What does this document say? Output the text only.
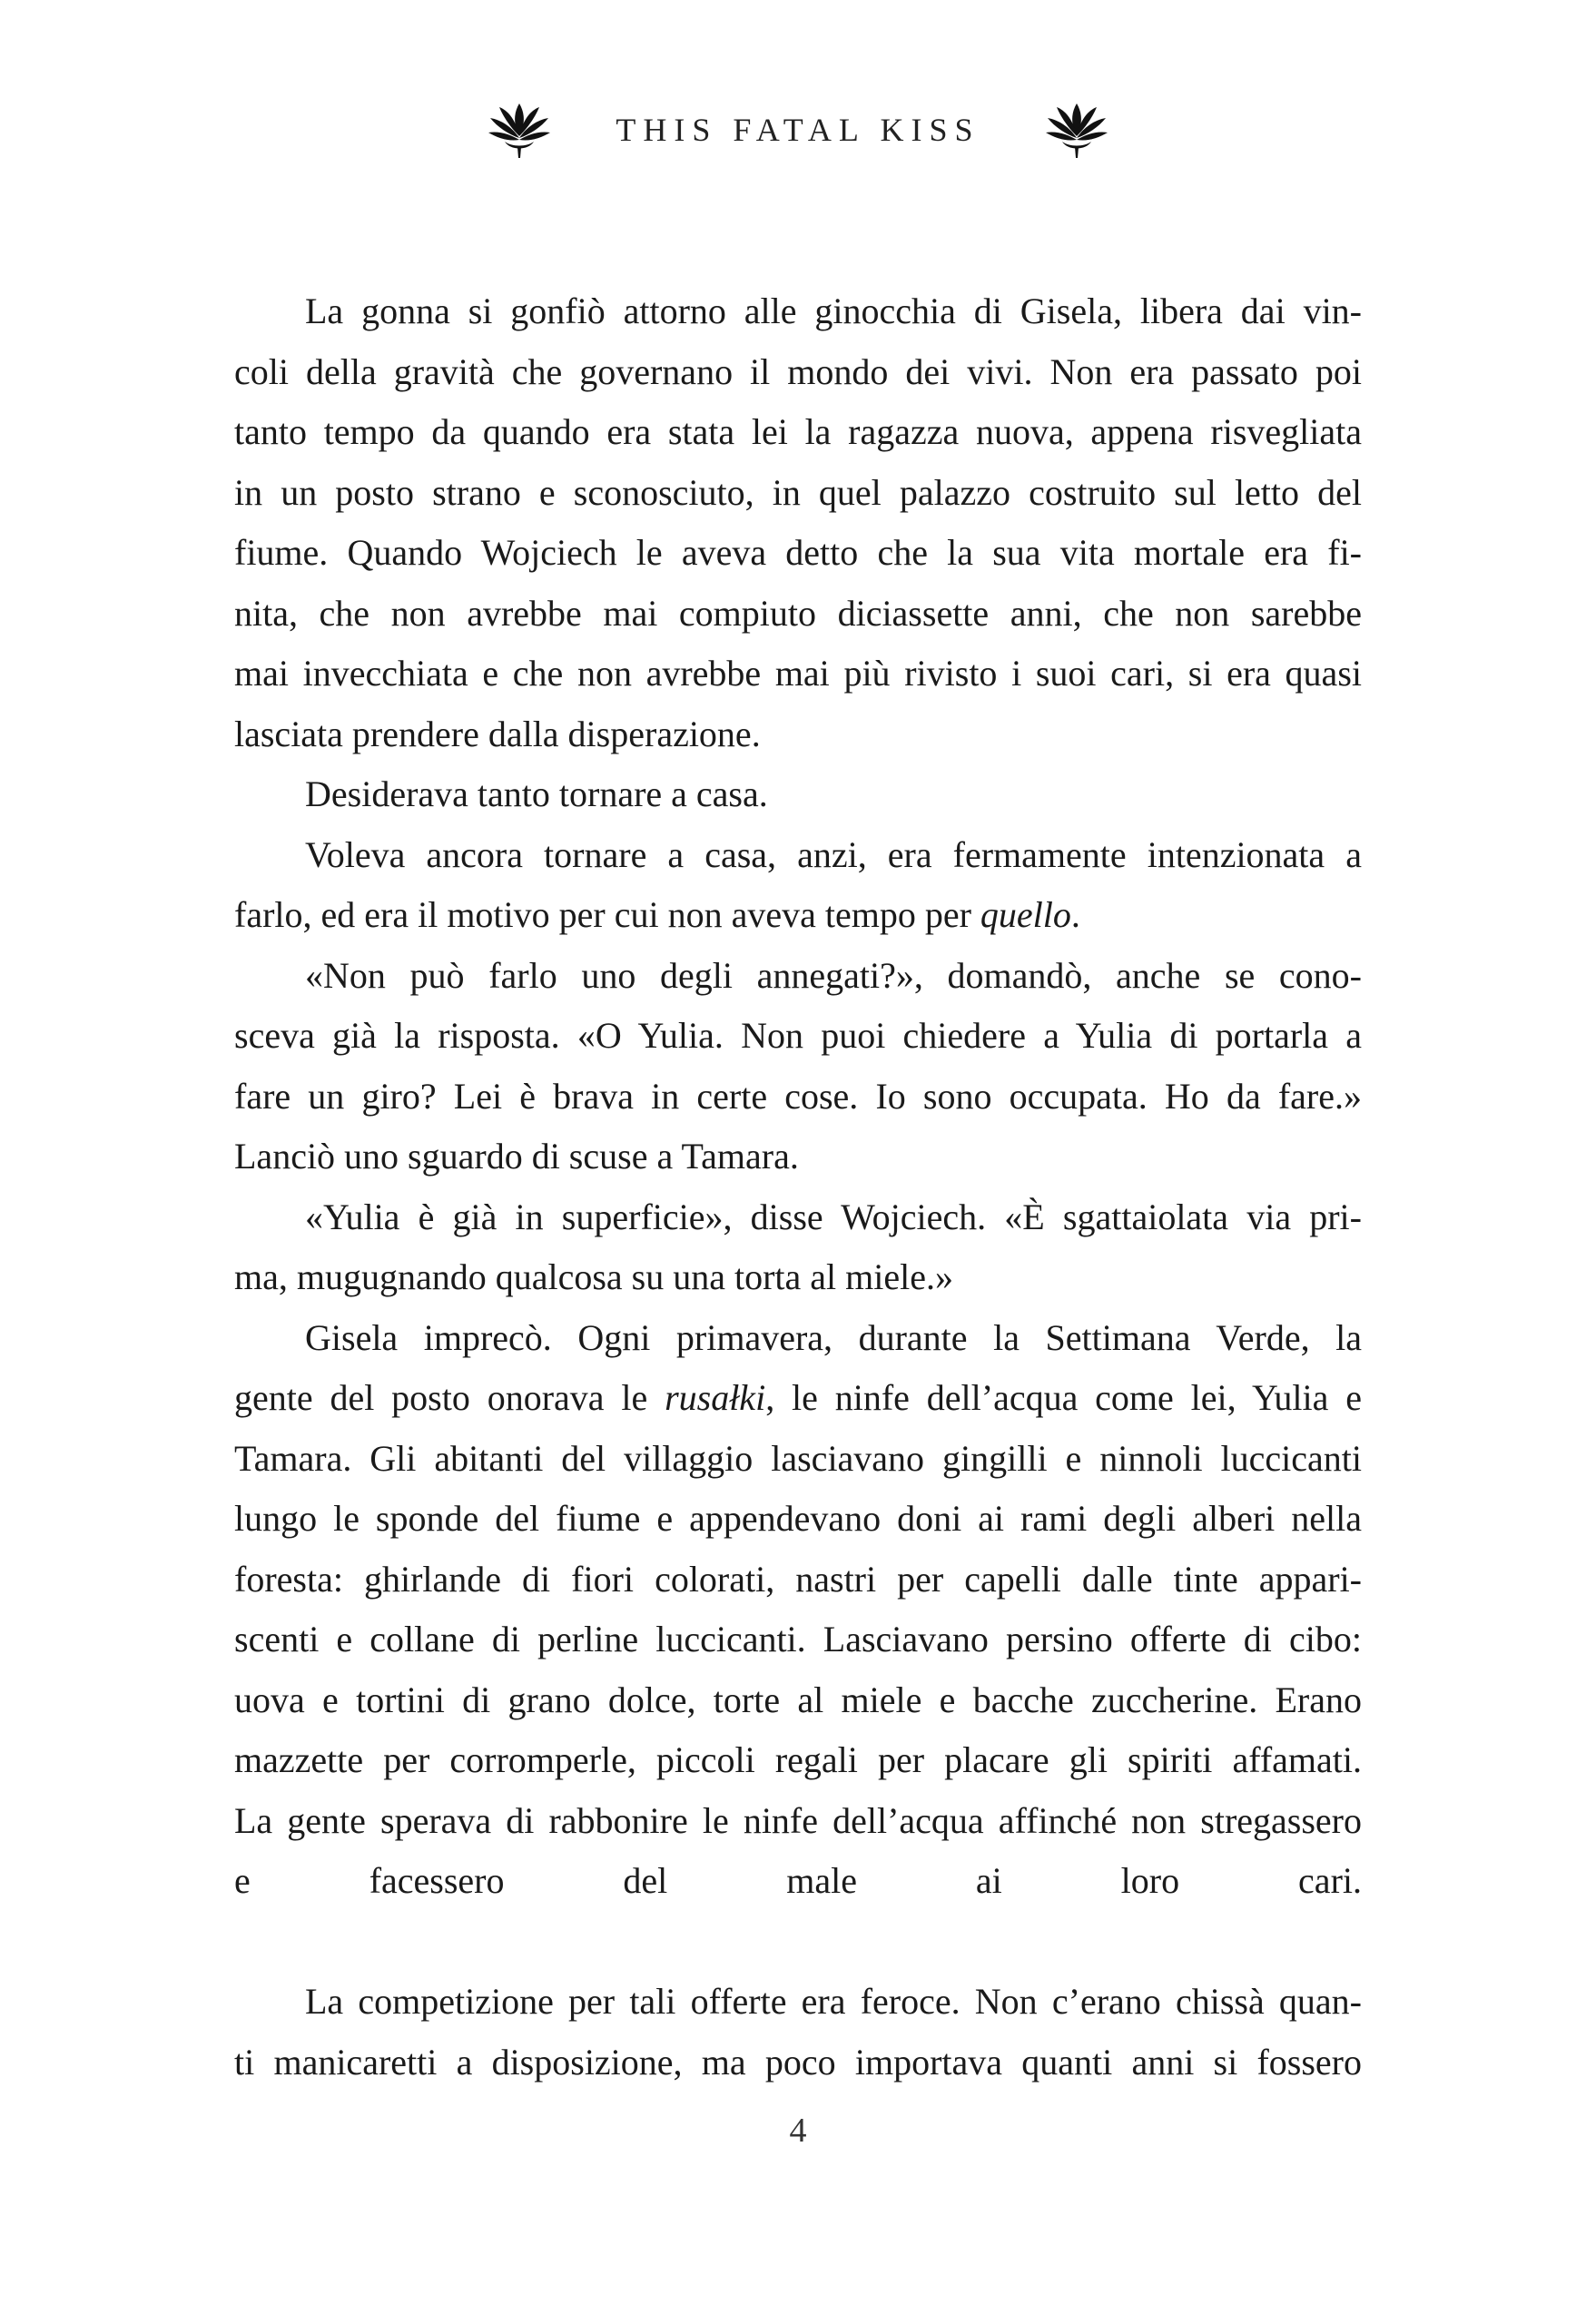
THIS FATAL KISS
La gonna si gonfiò attorno alle ginocchia di Gisela, libera dai vin-
coli della gravità che governano il mondo dei vivi. Non era passato poi
tanto tempo da quando era stata lei la ragazza nuova, appena risvegliata
in un posto strano e sconosciuto, in quel palazzo costruito sul letto del
fiume. Quando Wojciech le aveva detto che la sua vita mortale era fi-
nita, che non avrebbe mai compiuto diciassette anni, che non sarebbe
mai invecchiata e che non avrebbe mai più rivisto i suoi cari, si era quasi
lasciata prendere dalla disperazione.
Desiderava tanto tornare a casa.
Voleva ancora tornare a casa, anzi, era fermamente intenzionata a
farlo, ed era il motivo per cui non aveva tempo per quello.
«Non può farlo uno degli annegati?», domandò, anche se cono-
sceva già la risposta. «O Yulia. Non puoi chiedere a Yulia di portarla a
fare un giro? Lei è brava in certe cose. Io sono occupata. Ho da fare.»
Lanciò uno sguardo di scuse a Tamara.
«Yulia è già in superficie», disse Wojciech. «È sgattaiolata via pri-
ma, mugugnando qualcosa su una torta al miele.»
Gisela imprecò. Ogni primavera, durante la Settimana Verde, la
gente del posto onorava le rusałki, le ninfe dell’acqua come lei, Yulia e
Tamara. Gli abitanti del villaggio lasciavano gingilli e ninnoli luccicanti
lungo le sponde del fiume e appendevano doni ai rami degli alberi nella
foresta: ghirlande di fiori colorati, nastri per capelli dalle tinte appari-
scenti e collane di perline luccicanti. Lasciavano persino offerte di cibo:
uova e tortini di grano dolce, torte al miele e bacche zuccherine. Erano
mazzette per corromperle, piccoli regali per placare gli spiriti affamati.
La gente sperava di rabbonire le ninfe dell’acqua affinché non stregassero
e facessero del male ai loro cari.
La competizione per tali offerte era feroce. Non c’erano chissà quan-
ti manicaretti a disposizione, ma poco importava quanti anni si fossero
4
